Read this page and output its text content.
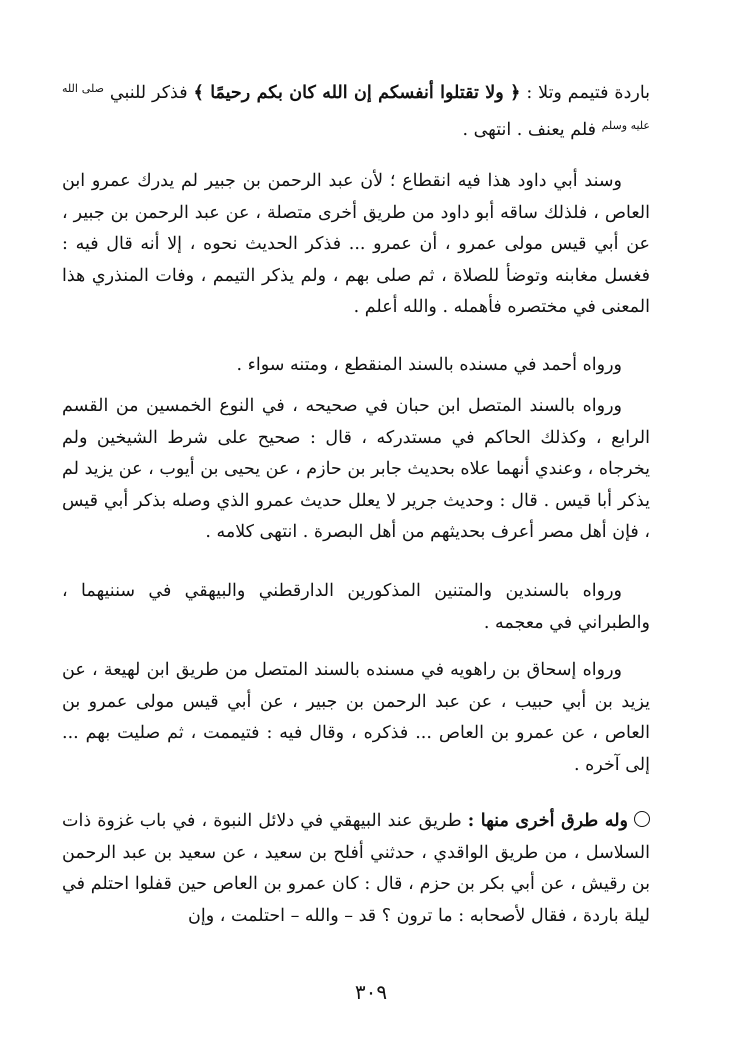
باردة فتيمم وتلا : ﴿ ولا تقتلوا أنفسكم إن الله كان بكم رحيمًا ﴾ فذكر للنبي $^{صلى الله عليه وسلم}$ فلم يعنف . انتهى .

وسند أبي داود هذا فيه انقطاع ؛ لأن عبد الرحمن بن جبير لم يدرك عمرو ابن العاص ، فلذلك ساقه أبو داود من طريق أخرى متصلة ، عن عبد الرحمن بن جبير ، عن أبي قيس مولى عمرو ، أن عمرو ... فذكر الحديث نحوه ، إلا أنه قال فيه : فغسل مغابنه وتوضأ للصلاة ، ثم صلى بهم ، ولم يذكر التيمم ، وفات المنذري هذا المعنى في مختصره فأهمله . والله أعلم .

ورواه أحمد في مسنده بالسند المنقطع ، ومتنه سواء .

ورواه بالسند المتصل ابن حبان في صحيحه ، في النوع الخمسين من القسم الرابع ، وكذلك الحاكم في مستدركه ، قال : صحيح على شرط الشيخين ولم يخرجاه ، وعندي أنهما علاه بحديث جابر بن حازم ، عن يحيى بن أيوب ، عن يزيد لم يذكر أبا قيس . قال : وحديث جرير لا يعلل حديث عمرو الذي وصله بذكر أبي قيس ، فإن أهل مصر أعرف بحديثهم من أهل البصرة . انتهى كلامه .

ورواه بالسندين والمتنين المذكورين الدارقطني والبيهقي في سننيهما ، والطبراني في معجمه .

ورواه إسحاق بن راهويه في مسنده بالسند المتصل من طريق ابن لهيعة ، عن يزيد بن أبي حبيب ، عن عبد الرحمن بن جبير ، عن أبي قيس مولى عمرو بن العاص ، عن عمرو بن العاص ... فذكره ، وقال فيه : فتيممت ، ثم صليت بهم ... إلى آخره .

وله طرق أخرى منها : طريق عند البيهقي في دلائل النبوة ، في باب غزوة ذات السلاسل ، من طريق الواقدي ، حدثني أفلح بن سعيد ، عن سعيد بن عبد الرحمن بن رقيش ، عن أبي بكر بن حزم ، قال : كان عمرو بن العاص حين قفلوا احتلم في ليلة باردة ، فقال لأصحابه : ما ترون ؟ قد – والله – احتلمت ، وإن

٣٠٩
